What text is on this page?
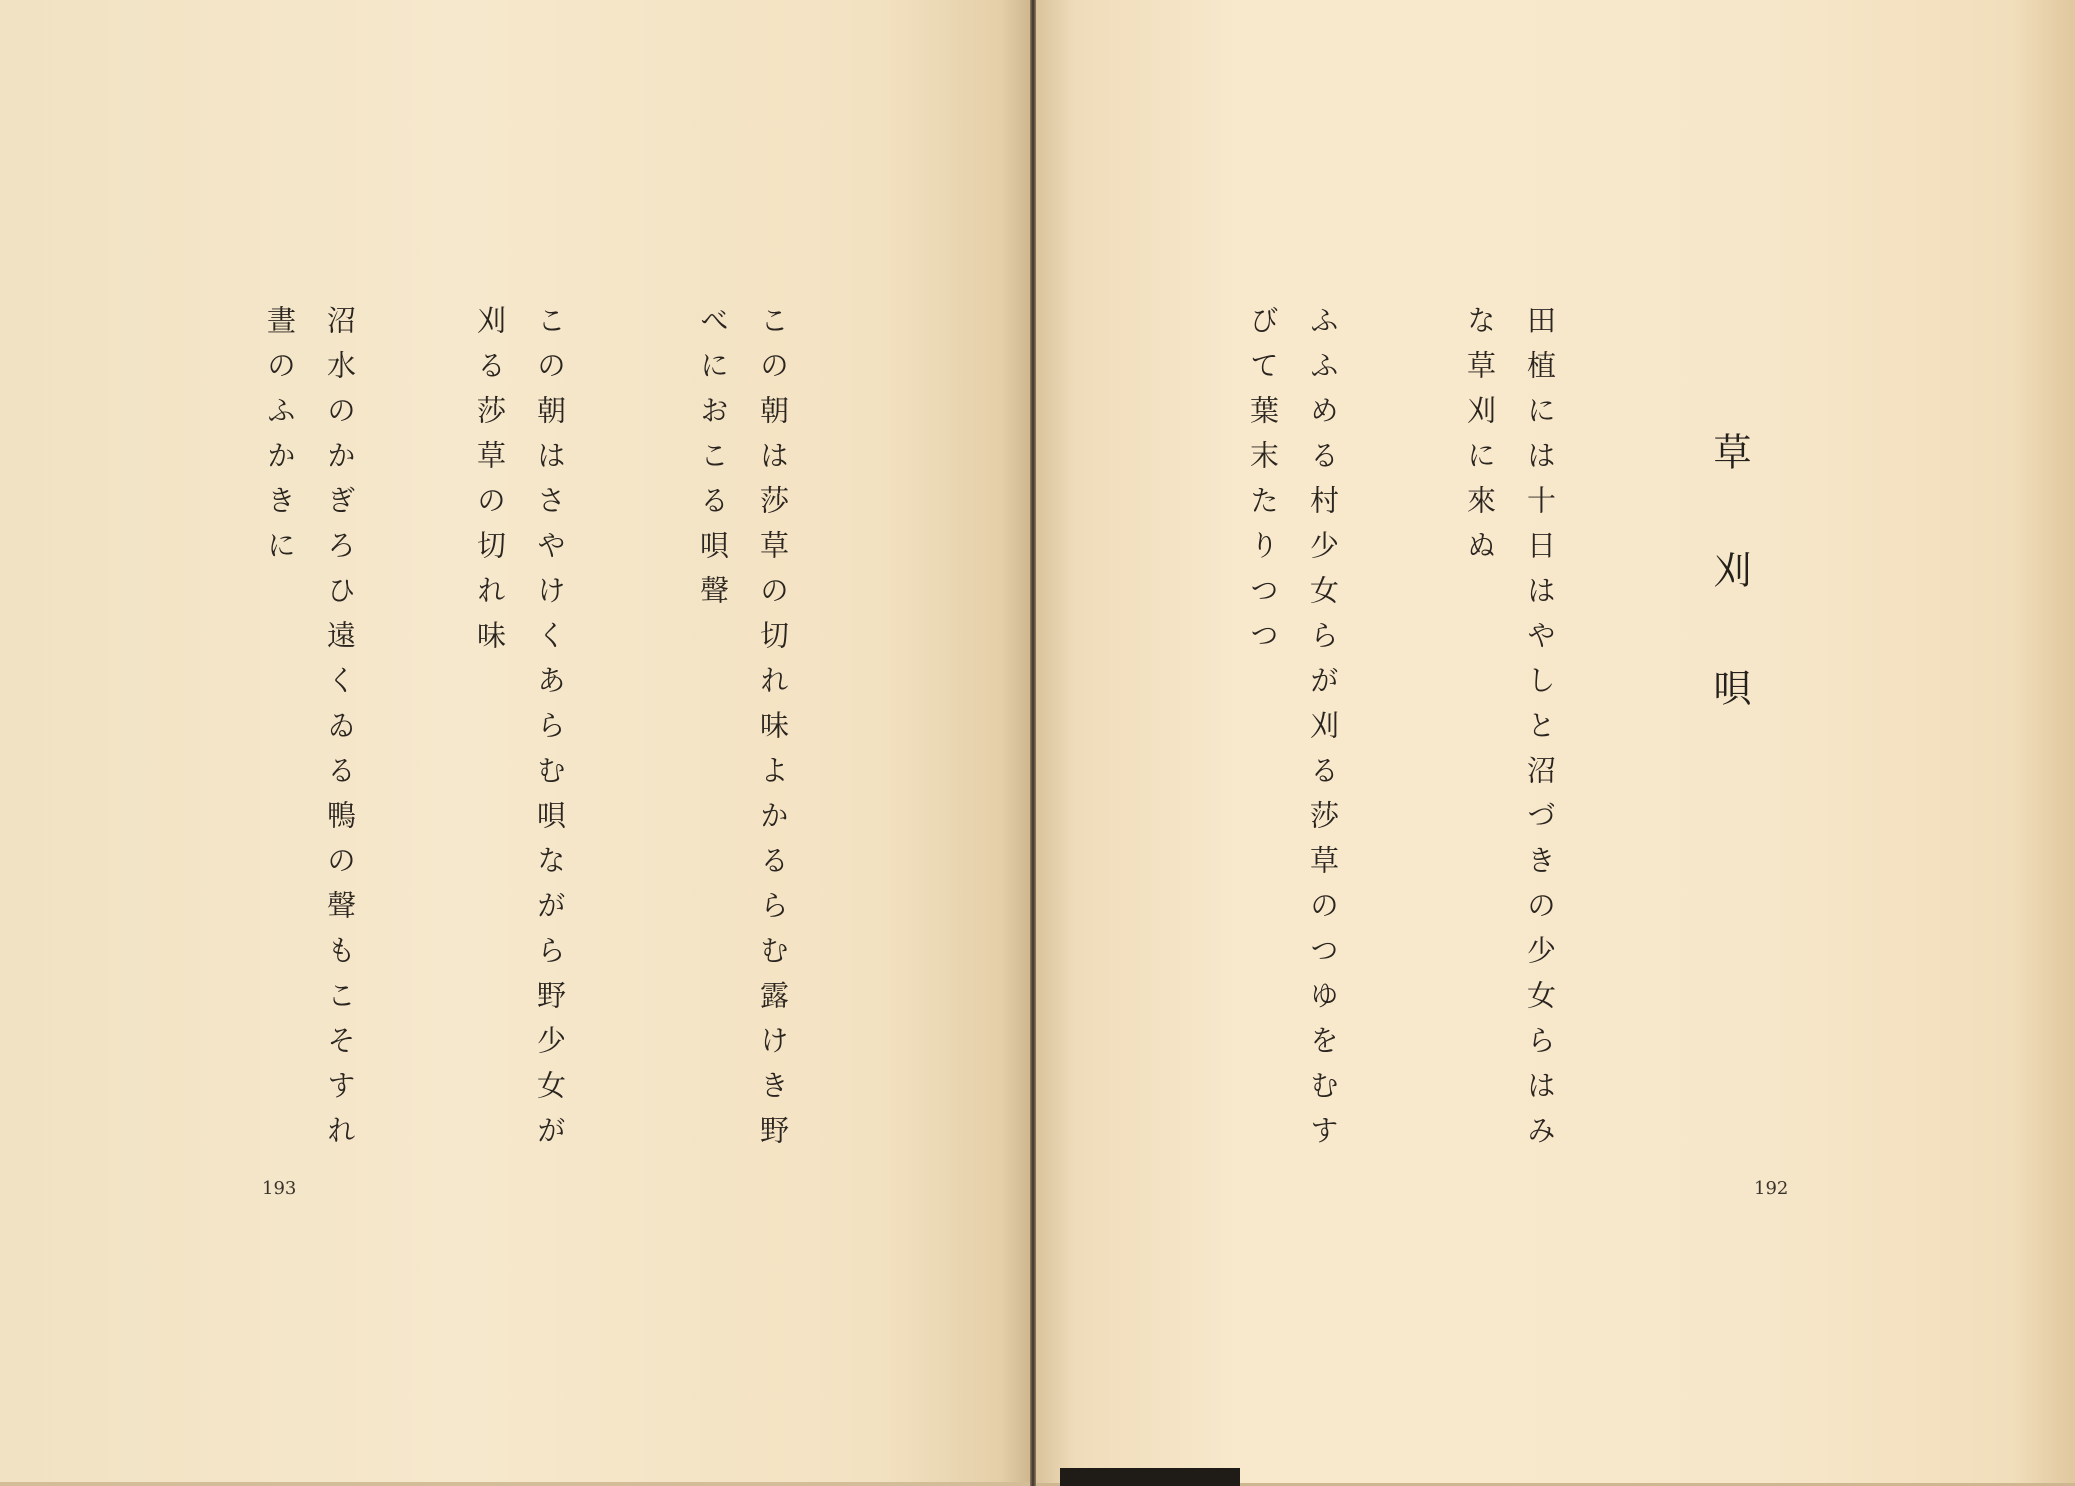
この朝は莎草の切れ味よかるらむ露けき野
べにおこる唄聲
この朝はさやけくあらむ唄ながら野少女が
刈る莎草の切れ味
沼水のかぎろひ遠くゐる鴨の聲もこそすれ
晝のふかきに
193
草刈唄
田植には十日はやしと沼づきの少女らはみ
な草刈に來ぬ
ふふめる村少女らが刈る莎草のつゆをむす
びて葉末たりつつ
192
